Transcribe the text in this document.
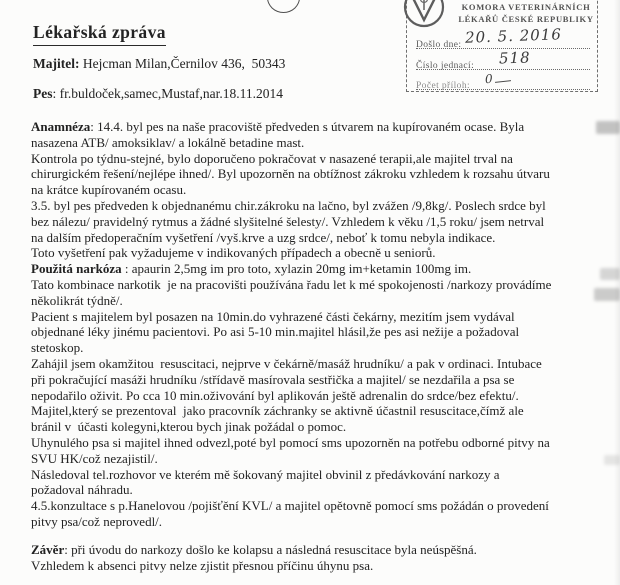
Lékařská zpráva
Majitel: Hejcman Milan,Černilov 436,  50343
Pes: fr.buldoček,samec,Mustaf,nar.18.11.2014
KOMORA VETERINÁRNÍCH
LÉKAŘŮ ČESKÉ REPUBLIKY
Došlo dne:
Číslo jednací:
Počet příloh:
20. 5. 2016
518
0
Anamnéza: 14.4. byl pes na naše pracoviště předveden s útvarem na kupírovaném ocase. Byla
nasazena ATB/ amoksiklav/ a lokálně betadine mast.
Kontrola po týdnu-stejné, bylo doporučeno pokračovat v nasazené terapii,ale majitel trval na
chirurgickém řešení/nejlépe ihned/. Byl upozorněn na obtížnost zákroku vzhledem k rozsahu útvaru
na krátce kupírovaném ocasu.
3.5. byl pes předveden k objednanému chir.zákroku na lačno, byl zvážen /9,8kg/. Poslech srdce byl
bez nálezu/ pravidelný rytmus a žádné slyšitelné šelesty/. Vzhledem k věku /1,5 roku/ jsem netrval
na dalším předoperačním vyšetření /vyš.krve a uzg srdce/, neboť k tomu nebyla indikace.
Toto vyšetření pak vyžadujeme v indikovaných případech a obecně u seniorů.
Použitá narkóza : apaurin 2,5mg im pro toto, xylazin 20mg im+ketamin 100mg im.
Tato kombinace narkotik  je na pracovišti používána řadu let k mé spokojenosti /narkozy provádíme
několikrát týdně/.
Pacient s majitelem byl posazen na 10min.do vyhrazené části čekárny, mezitím jsem vydával
objednané léky jinému pacientovi. Po asi 5-10 min.majitel hlásil,že pes asi nežije a požadoval
stetoskop.
Zahájil jsem okamžitou  resuscitaci, nejprve v čekárně/masáž hrudníku/ a pak v ordinaci. Intubace
při pokračující masáži hrudníku /střídavě masírovala sestřička a majitel/ se nezdařila a psa se
nepodařilo oživit. Po cca 10 min.oživování byl aplikován ještě adrenalin do srdce/bez efektu/.
Majitel,který se prezentoval  jako pracovník záchranky se aktivně účastnil resuscitace,čímž ale
bránil v  účasti kolegyni,kterou bych jinak požádal o pomoc.
Uhynulého psa si majitel ihned odvezl,poté byl pomocí sms upozorněn na potřebu odborné pitvy na
SVU HK/což nezajistil/.
Následoval tel.rozhovor ve kterém mě šokovaný majitel obvinil z předávkování narkozy a
požadoval náhradu.
4.5.konzultace s p.Hanelovou /pojišťění KVL/ a majitel opětovně pomocí sms požádán o provedení
pitvy psa/což neprovedl/.
Závěr: při úvodu do narkozy došlo ke kolapsu a následná resuscitace byla neúspěšná.
Vzhledem k absenci pitvy nelze zjistit přesnou příčinu úhynu psa.
